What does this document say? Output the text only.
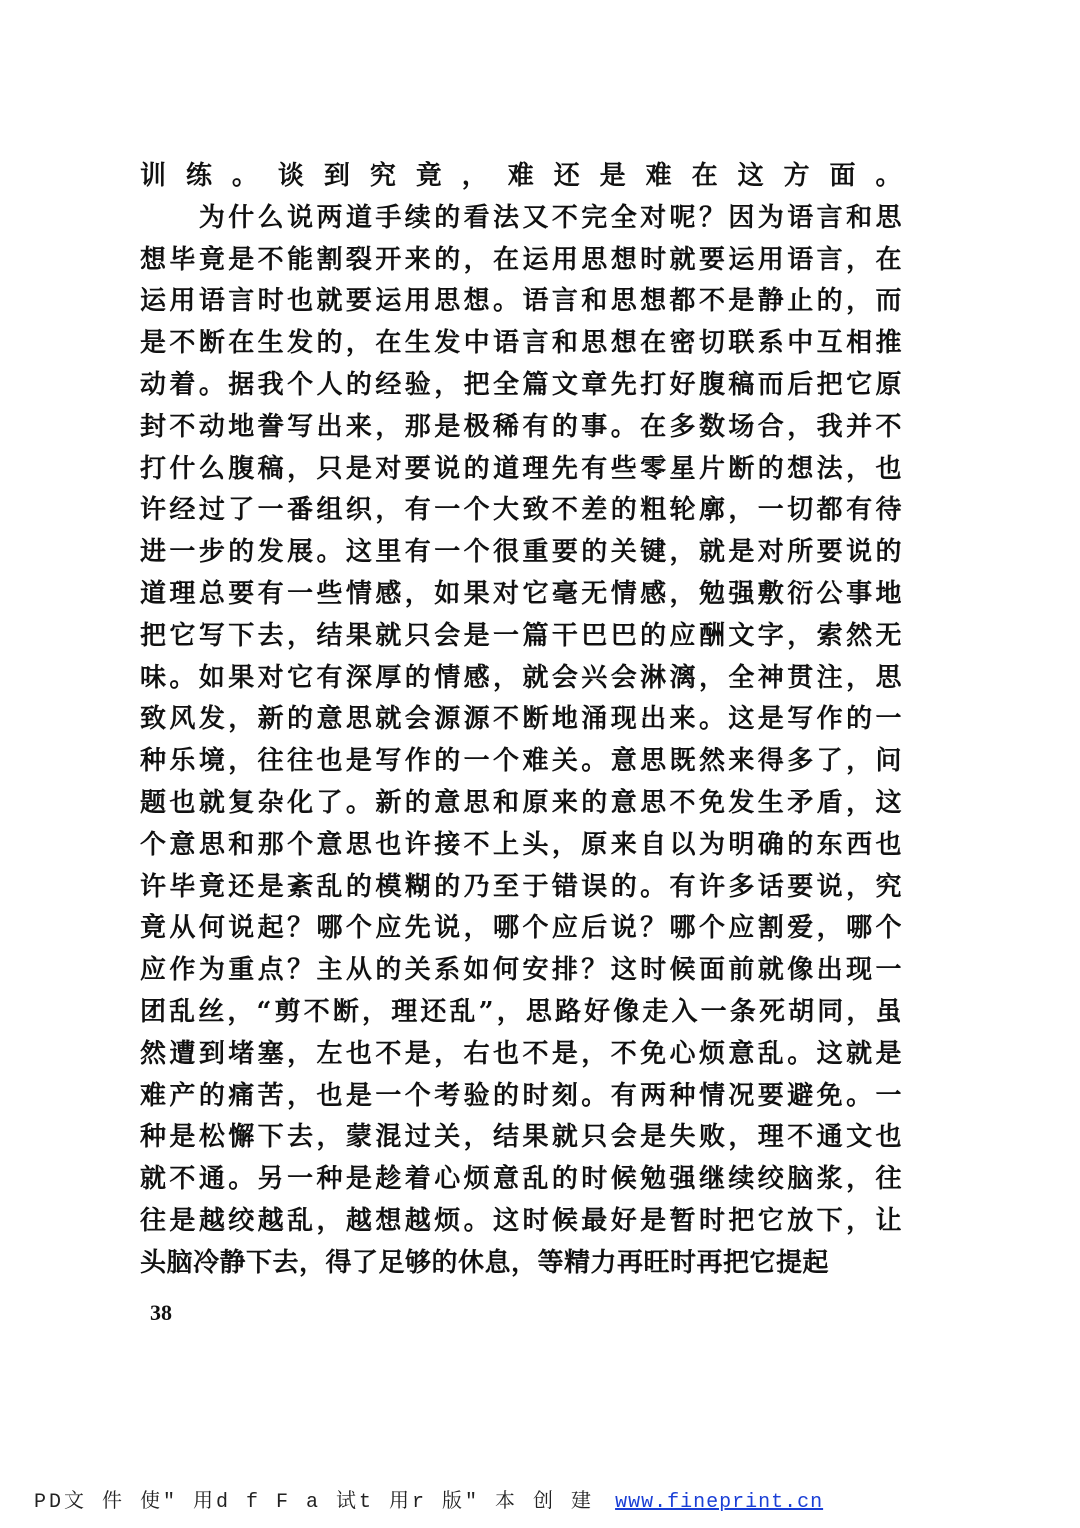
训练。谈到究竟，难还是难在这方面。
　　为什么说两道手续的看法又不完全对呢？因为语言和思
想毕竟是不能割裂开来的，在运用思想时就要运用语言，在
运用语言时也就要运用思想。语言和思想都不是静止的，而
是不断在生发的，在生发中语言和思想在密切联系中互相推
动着。据我个人的经验，把全篇文章先打好腹稿而后把它原
封不动地誊写出来，那是极稀有的事。在多数场合，我并不
打什么腹稿，只是对要说的道理先有些零星片断的想法，也
许经过了一番组织，有一个大致不差的粗轮廓，一切都有待
进一步的发展。这里有一个很重要的关键，就是对所要说的
道理总要有一些情感，如果对它毫无情感，勉强敷衍公事地
把它写下去，结果就只会是一篇干巴巴的应酬文字，索然无
味。如果对它有深厚的情感，就会兴会淋漓，全神贯注，思
致风发，新的意思就会源源不断地涌现出来。这是写作的一
种乐境，往往也是写作的一个难关。意思既然来得多了，问
题也就复杂化了。新的意思和原来的意思不免发生矛盾，这
个意思和那个意思也许接不上头，原来自以为明确的东西也
许毕竟还是紊乱的模糊的乃至于错误的。有许多话要说，究
竟从何说起？哪个应先说，哪个应后说？哪个应割爱，哪个
应作为重点？主从的关系如何安排？这时候面前就像出现一
团乱丝，“剪不断，理还乱”，思路好像走入一条死胡同，虽
然遭到堵塞，左也不是，右也不是，不免心烦意乱。这就是
难产的痛苦，也是一个考验的时刻。有两种情况要避免。一
种是松懈下去，蒙混过关，结果就只会是失败，理不通文也
就不通。另一种是趁着心烦意乱的时候勉强继续绞脑浆，往
往是越绞越乱，越想越烦。这时候最好是暂时把它放下，让
头脑冷静下去，得了足够的休息，等精力再旺时再把它提起
38
PD文 件 使" 用d f F a 试t 用r 版" 本 创 建 www.fineprint.cn
